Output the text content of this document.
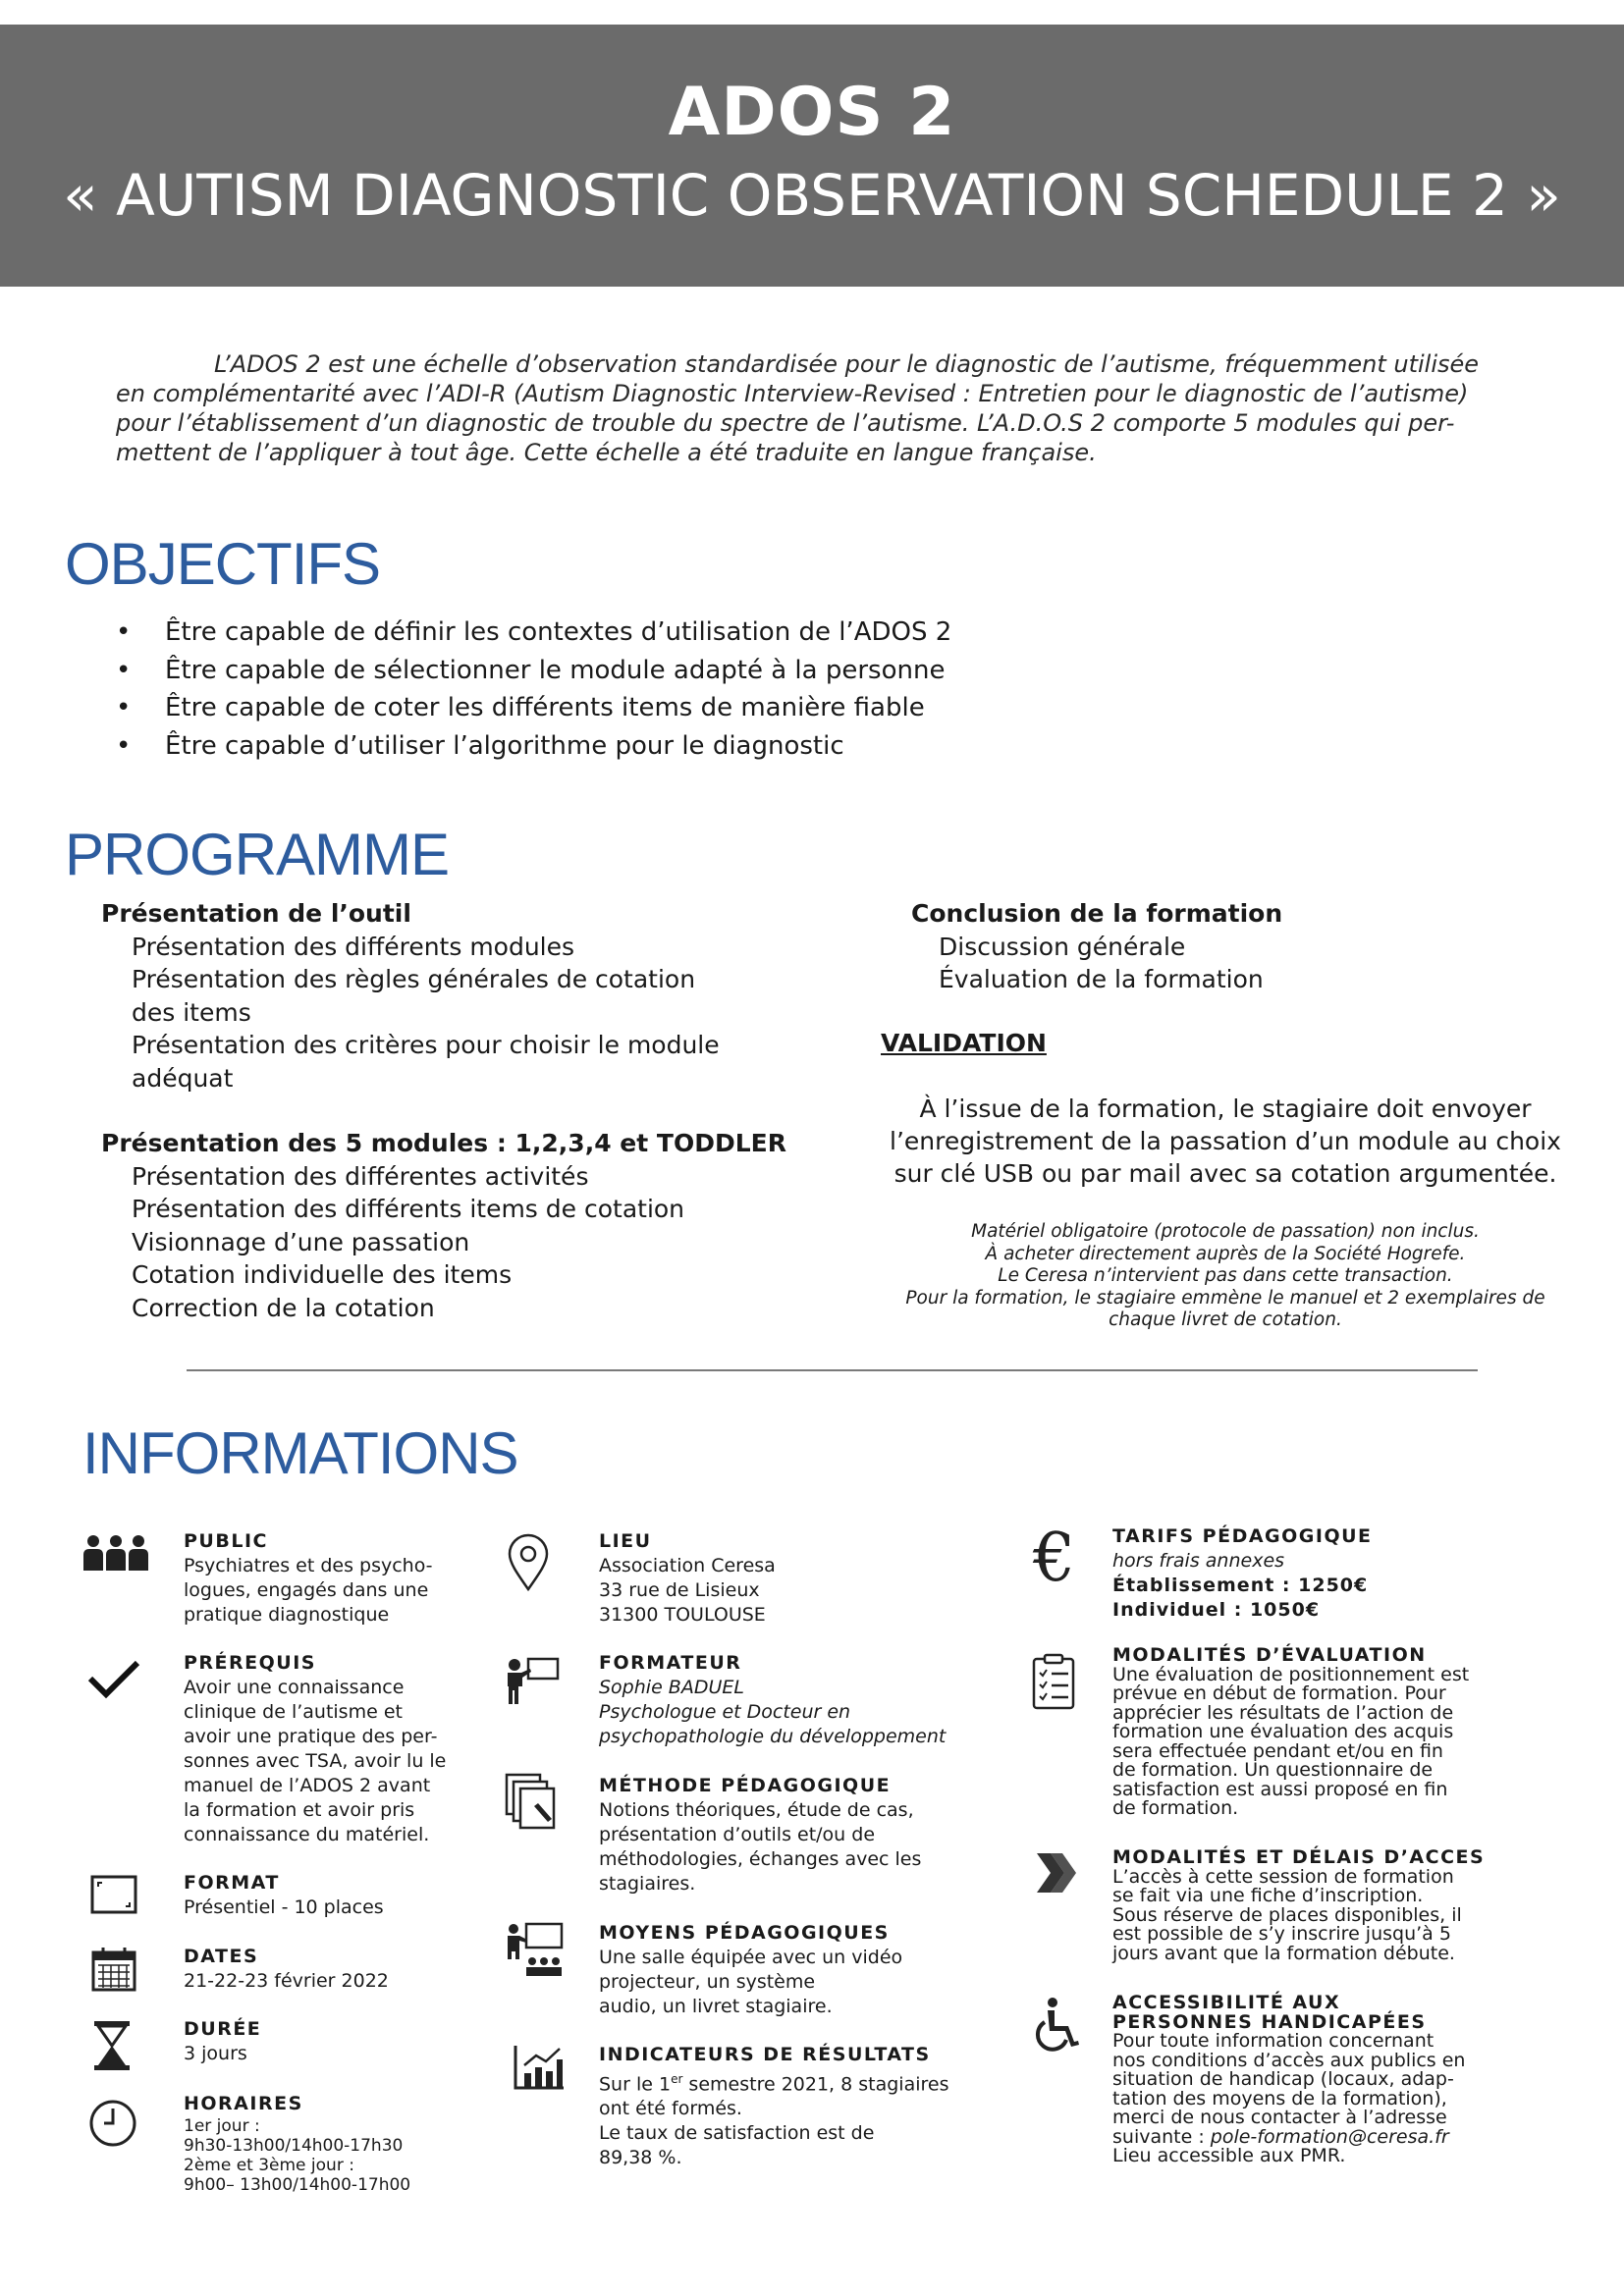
ADOS 2
« AUTISM DIAGNOSTIC OBSERVATION SCHEDULE 2 »
L’ADOS 2 est une échelle d’observation standardisée pour le diagnostic de l’autisme, fréquemment utilisée
en complémentarité avec l’ADI-R (Autism Diagnostic Interview-Revised : Entretien pour le diagnostic de l’autisme)
pour l’établissement d’un diagnostic de trouble du spectre de l’autisme. L’A.D.O.S 2 comporte 5 modules qui per-
mettent de l’appliquer à tout âge. Cette échelle a été traduite en langue française.
OBJECTIFS
• Être capable de définir les contextes d’utilisation de l’ADOS 2
• Être capable de sélectionner le module adapté à la personne
• Être capable de coter les différents items de manière fiable
• Être capable d’utiliser l’algorithme pour le diagnostic
PROGRAMME
Présentation de l’outil
Présentation des différents modules
Présentation des règles générales de cotation
des items
Présentation des critères pour choisir le module
adéquat
Présentation des 5 modules : 1,2,3,4 et TODDLER
Présentation des différentes activités
Présentation des différents items de cotation
Visionnage d’une passation
Cotation individuelle des items
Correction de la cotation
Conclusion de la formation
Discussion générale
Évaluation de la formation
VALIDATION
À l’issue de la formation, le stagiaire doit envoyer
l’enregistrement de la passation d’un module au choix
sur clé USB ou par mail avec sa cotation argumentée.
Matériel obligatoire (protocole de passation) non inclus.
À acheter directement auprès de la Société Hogrefe.
Le Ceresa n’intervient pas dans cette transaction.
Pour la formation, le stagiaire emmène le manuel et 2 exemplaires de
chaque livret de cotation.
INFORMATIONS
PUBLIC
Psychiatres et des psycho-
logues, engagés dans une
pratique diagnostique
PRÉREQUIS
Avoir une connaissance
clinique de l’autisme et
avoir une pratique des per-
sonnes avec TSA, avoir lu le
manuel de l’ADOS 2 avant
la formation et avoir pris
connaissance du matériel.
FORMAT
Présentiel - 10 places
DATES
21-22-23 février 2022
DURÉE
3 jours
HORAIRES
1er jour :
9h30-13h00/14h00-17h30
2ème et 3ème jour :
9h00– 13h00/14h00-17h00
LIEU
Association Ceresa
33 rue de Lisieux
31300 TOULOUSE
FORMATEUR
Sophie BADUEL
Psychologue et Docteur en
psychopathologie du développement
MÉTHODE PÉDAGOGIQUE
Notions théoriques, étude de cas,
présentation d’outils et/ou de
méthodologies, échanges avec les
stagiaires.
MOYENS PÉDAGOGIQUES
Une salle équipée avec un vidéo
projecteur, un système
audio, un livret stagiaire.
INDICATEURS DE RÉSULTATS
Sur le 1er semestre 2021, 8 stagiaires
ont été formés.
Le taux de satisfaction est de
89,38 %.
€ TARIFS PÉDAGOGIQUE
hors frais annexes
Établissement : 1250€
Individuel : 1050€
MODALITÉS D’ÉVALUATION
Une évaluation de positionnement est
prévue en début de formation. Pour
apprécier les résultats de l’action de
formation une évaluation des acquis
sera effectuée pendant et/ou en fin
de formation. Un questionnaire de
satisfaction est aussi proposé en fin
de formation.
MODALITÉS ET DÉLAIS D’ACCES
L’accès à cette session de formation
se fait via une fiche d’inscription.
Sous réserve de places disponibles, il
est possible de s’y inscrire jusqu’à 5
jours avant que la formation débute.
ACCESSIBILITÉ AUX
PERSONNES HANDICAPÉES
Pour toute information concernant
nos conditions d’accès aux publics en
situation de handicap (locaux, adap-
tation des moyens de la formation),
merci de nous contacter à l’adresse
suivante : pole-formation@ceresa.fr
Lieu accessible aux PMR.
